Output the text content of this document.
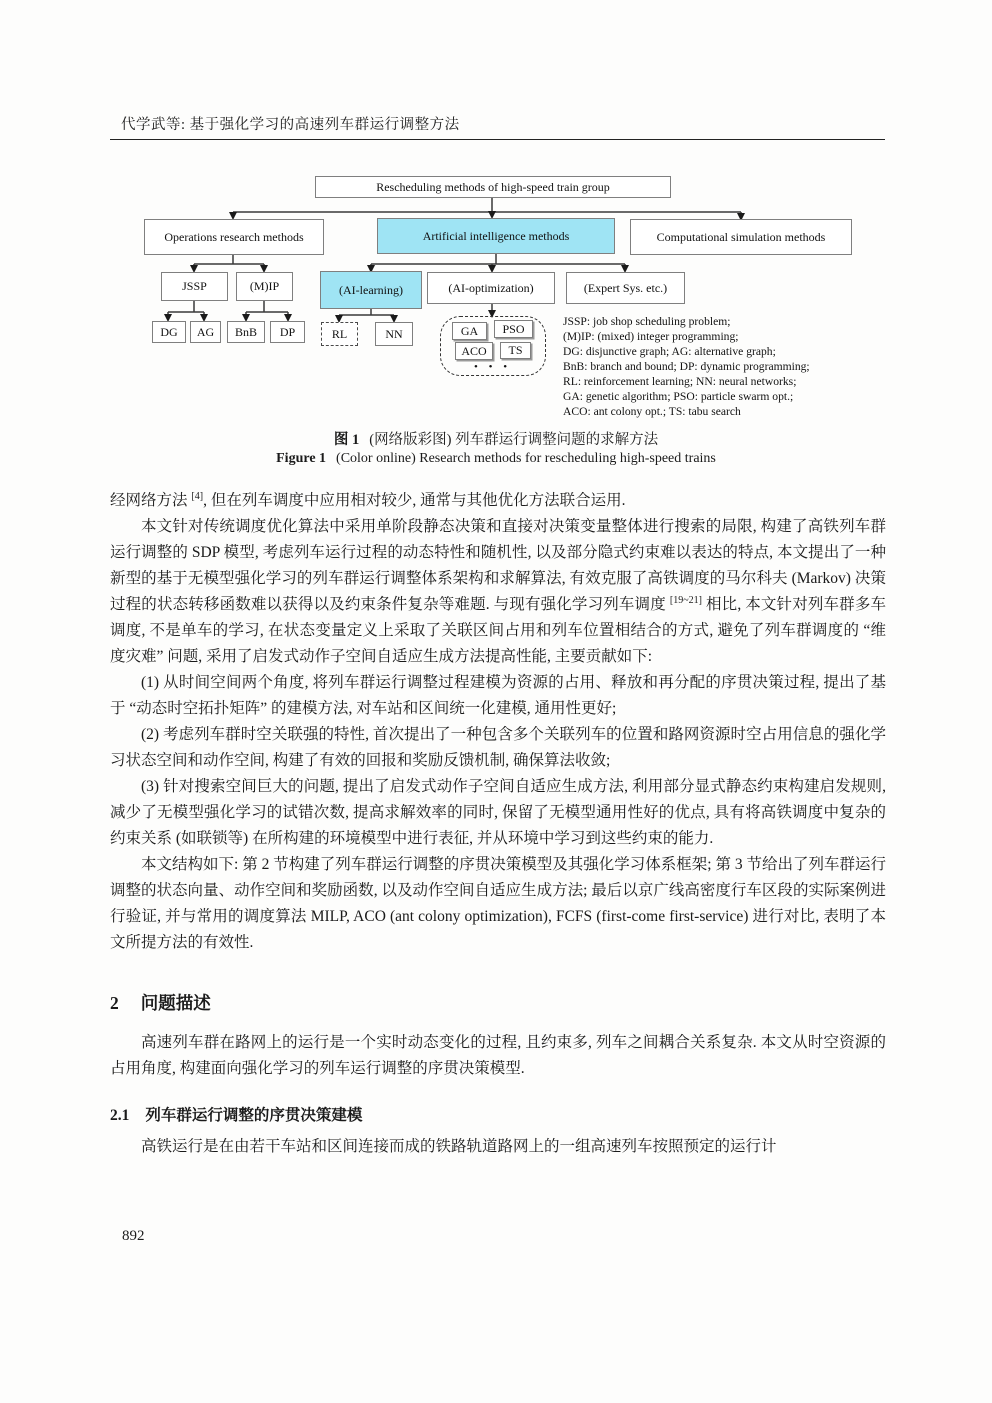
代学武等: 基于强化学习的高速列车群运行调整方法
Rescheduling methods of high-speed train group
Operations research methods	Artificial intelligence methods	Computational simulation methods
JSSP	(M)IP	(AI-learning)	(AI-optimization)	(Expert Sys. etc.)
DG	AG	BnB	DP	RL	NN	GA	PSO
ACO	TS
• • •
JSSP: job shop scheduling problem;
(M)IP: (mixed) integer programming;
DG: disjunctive graph; AG: alternative graph;
BnB: branch and bound; DP: dynamic programming;
RL: reinforcement learning; NN: neural networks;
GA: genetic algorithm; PSO: particle swarm opt.;
ACO: ant colony opt.; TS: tabu search
图 1 (网络版彩图) 列车群运行调整问题的求解方法
Figure 1 (Color online) Research methods for rescheduling high-speed trains

经网络方法 [4], 但在列车调度中应用相对较少, 通常与其他优化方法联合运用.

本文针对传统调度优化算法中采用单阶段静态决策和直接对决策变量整体进行搜索的局限, 构建了高铁列车群运行调整的 SDP 模型, 考虑列车运行过程的动态特性和随机性, 以及部分隐式约束难以表达的特点, 本文提出了一种新型的基于无模型强化学习的列车群运行调整体系架构和求解算法, 有效克服了高铁调度的马尔科夫 (Markov) 决策过程的状态转移函数难以获得以及约束条件复杂等难题. 与现有强化学习列车调度 [19~21] 相比, 本文针对列车群多车调度, 不是单车的学习, 在状态变量定义上采取了关联区间占用和列车位置相结合的方式, 避免了列车群调度的 “维度灾难” 问题, 采用了启发式动作子空间自适应生成方法提高性能, 主要贡献如下:

(1) 从时间空间两个角度, 将列车群运行调整过程建模为资源的占用、释放和再分配的序贯决策过程, 提出了基于 “动态时空拓扑矩阵” 的建模方法, 对车站和区间统一化建模, 通用性更好;

(2) 考虑列车群时空关联强的特性, 首次提出了一种包含多个关联列车的位置和路网资源时空占用信息的强化学习状态空间和动作空间, 构建了有效的回报和奖励反馈机制, 确保算法收敛;

(3) 针对搜索空间巨大的问题, 提出了启发式动作子空间自适应生成方法, 利用部分显式静态约束构建启发规则, 减少了无模型强化学习的试错次数, 提高求解效率的同时, 保留了无模型通用性好的优点, 具有将高铁调度中复杂的约束关系 (如联锁等) 在所构建的环境模型中进行表征, 并从环境中学习到这些约束的能力.

本文结构如下: 第 2 节构建了列车群运行调整的序贯决策模型及其强化学习体系框架; 第 3 节给出了列车群运行调整的状态向量、动作空间和奖励函数, 以及动作空间自适应生成方法; 最后以京广线高密度行车区段的实际案例进行验证, 并与常用的调度算法 MILP, ACO (ant colony optimization), FCFS (first-come first-service) 进行对比, 表明了本文所提方法的有效性.

2 问题描述

高速列车群在路网上的运行是一个实时动态变化的过程, 且约束多, 列车之间耦合关系复杂. 本文从时空资源的占用角度, 构建面向强化学习的列车运行调整的序贯决策模型.

2.1 列车群运行调整的序贯决策建模

高铁运行是在由若干车站和区间连接而成的铁路轨道路网上的一组高速列车按照预定的运行计

892
